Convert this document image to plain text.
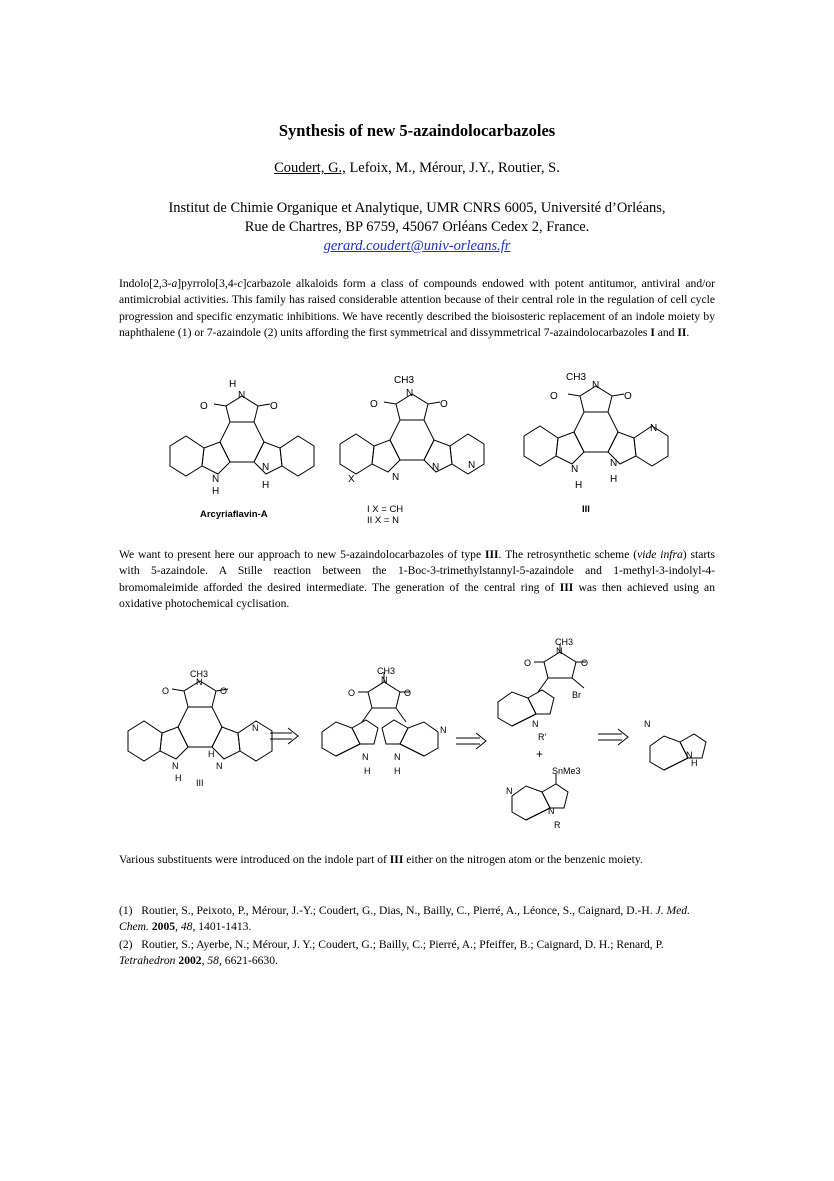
Synthesis of new 5-azaindolocarbazoles
Coudert, G., Lefoix, M., Mérour, J.Y., Routier, S.
Institut de Chimie Organique et Analytique, UMR CNRS 6005, Université d’Orléans,
Rue de Chartres, BP 6759, 45067 Orléans Cedex 2, France.
gerard.coudert@univ-orleans.fr
Indolo[2,3-a]pyrrolo[3,4-c]carbazole alkaloids form a class of compounds endowed with potent antitumor, antiviral and/or antimicrobial activities. This family has raised considerable attention because of their central role in the regulation of cell cycle progression and specific enzymatic inhibitions. We have recently described the bioisosteric replacement of an indole moiety by naphthalene (1) or 7-azaindole (2) units affording the first symmetrical and dissymmetrical 7-azaindolocarbazoles I and II.
We want to present here our approach to new 5-azaindolocarbazoles of type III. The retrosynthetic scheme (vide infra) starts with 5-azaindole. A Stille reaction between the 1-Boc-3-trimethylstannyl-5-azaindole and 1-methyl-3-indolyl-4-bromomaleimide afforded the desired intermediate. The generation of the central ring of III was then achieved using an oxidative photochemical cyclisation.
Various substituents were introduced on the indole part of III either on the nitrogen atom or the benzenic moiety.
(1) Routier, S., Peixoto, P., Mérour, J.-Y.; Coudert, G., Dias, N., Bailly, C., Pierré, A., Léonce, S., Caignard, D.-H. J. Med. Chem. 2005, 48, 1401-1413.
(2) Routier, S.; Ayerbe, N.; Mérour, J. Y.; Coudert, G.; Bailly, C.; Pierré, A.; Pfeiffer, B.; Caignard, D. H.; Renard, P. Tetrahedron 2002, 58, 6621-6630.
H
N
O	O
N
H
N
H
Arcyriaflavin-A
CH3
N
O	O
X	N
N	N
I X = CH
II X = N
CH3
N
O	O
N
N
H
N
H
III
CH3
N
O	O
N
N
H
H
N
III
CH3
N
O	O
N
N
H
N
H
CH3
N
O	O
Br
N
R'
+
SnMe3
N
N
R
N
N
H
